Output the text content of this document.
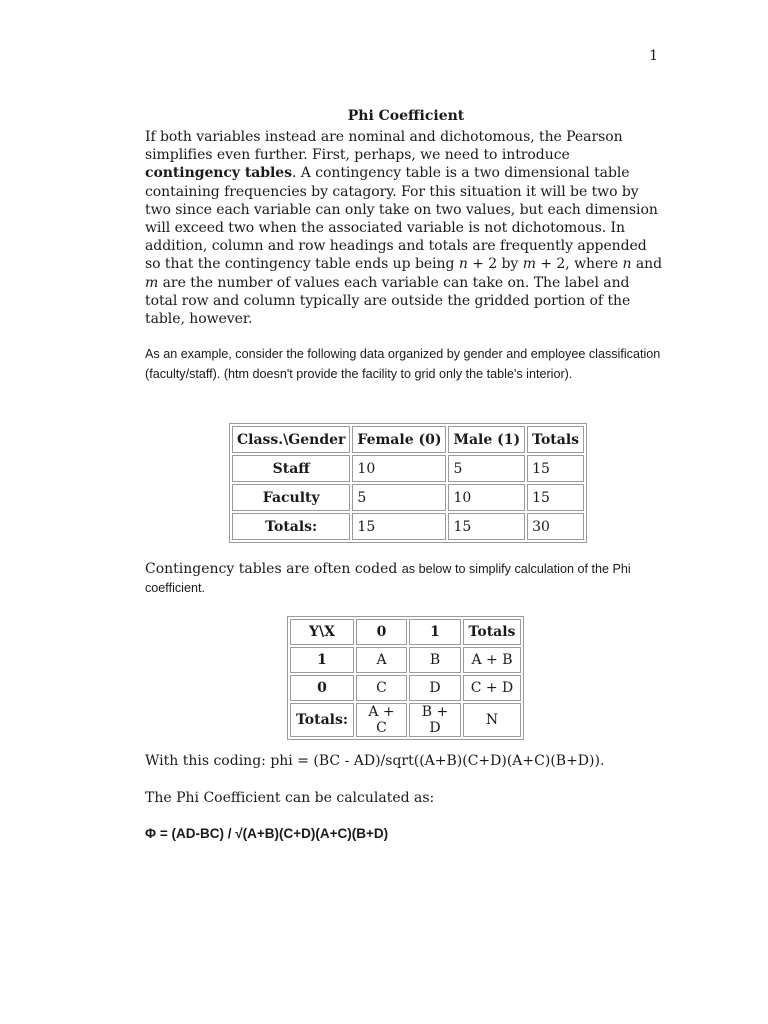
1
Phi Coefficient

If both variables instead are nominal and dichotomous, the Pearson simplifies even further. First, perhaps, we need to introduce contingency tables. A contingency table is a two dimensional table containing frequencies by catagory. For this situation it will be two by two since each variable can only take on two values, but each dimension will exceed two when the associated variable is not dichotomous. In addition, column and row headings and totals are frequently appended so that the contingency table ends up being n + 2 by m + 2, where n and m are the number of values each variable can take on. The label and total row and column typically are outside the gridded portion of the table, however.

As an example, consider the following data organized by gender and employee classification (faculty/staff). (htm doesn't provide the facility to grid only the table's interior).

Class.\Gender	Female (0)	Male (1)	Totals
Staff	10	5	15
Faculty	5	10	15
Totals:	15	15	30

Contingency tables are often coded as below to simplify calculation of the Phi coefficient.

Y\X	0	1	Totals
1	A	B	A + B
0	C	D	C + D
Totals:	A + C	B + D	N

With this coding: phi = (BC - AD)/sqrt((A+B)(C+D)(A+C)(B+D)).

The Phi Coefficient can be calculated as:

Φ = (AD-BC) / √(A+B)(C+D)(A+C)(B+D)
